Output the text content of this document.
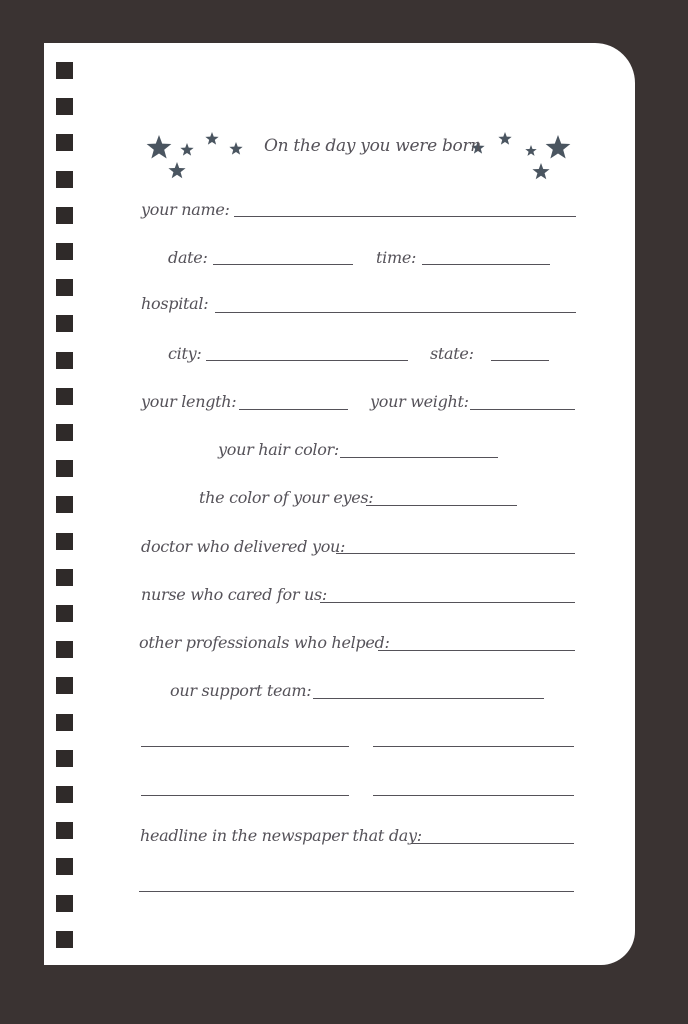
On the day you were born
your name:
date:	time:
hospital:
city:	state:
your length:	your weight:
your hair color:
the color of your eyes:
doctor who delivered you:
nurse who cared for us:
other professionals who helped:
our support team:
headline in the newspaper that day:
